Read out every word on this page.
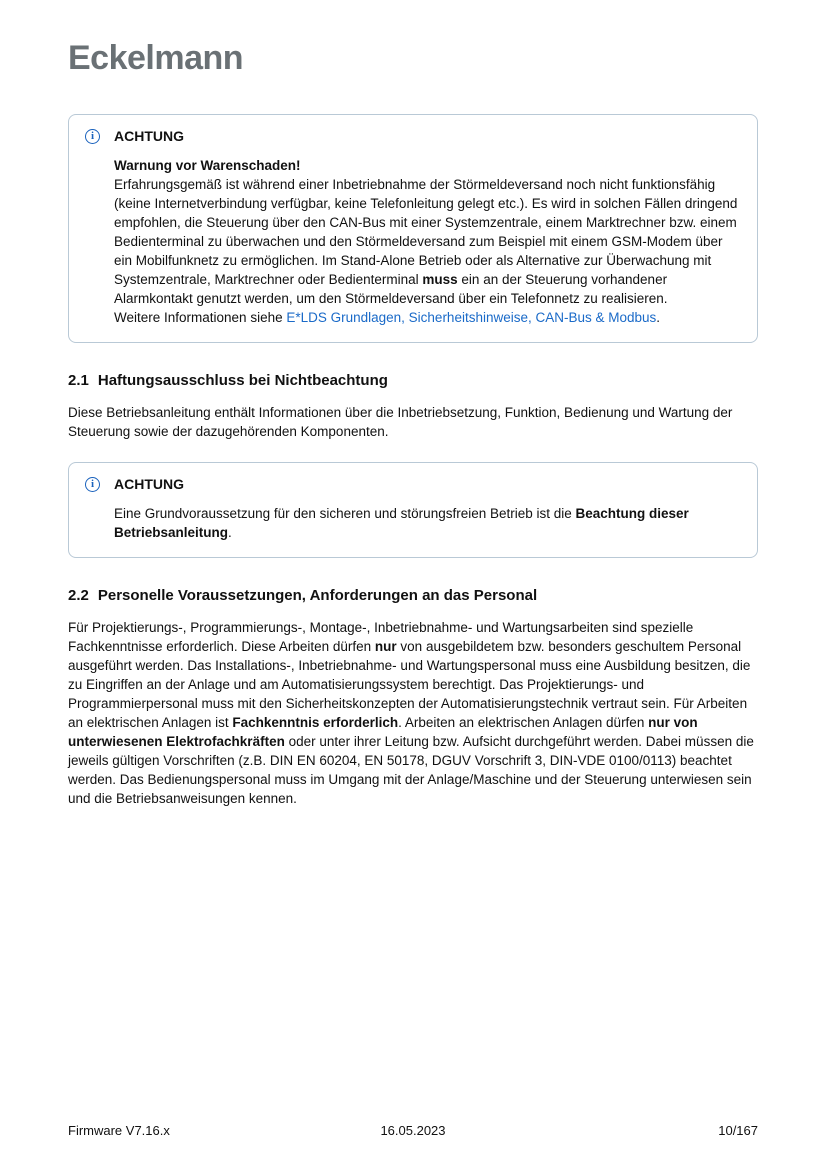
Eckelmann
i	ACHTUNG
Warnung vor Warenschaden!

Erfahrungsgemäß ist während einer Inbetriebnahme der Störmeldeversand noch nicht funktionsfähig (keine Internetverbindung verfügbar, keine Telefonleitung gelegt etc.). Es wird in solchen Fällen dringend empfohlen, die Steuerung über den CAN-Bus mit einer Systemzentrale, einem Marktrechner bzw. einem Bedienterminal zu überwachen und den Störmeldeversand zum Beispiel mit einem GSM-Modem über ein Mobilfunknetz zu ermöglichen. Im Stand-Alone Betrieb oder als Alternative zur Überwachung mit Systemzentrale, Marktrechner oder Bedienterminal muss ein an der Steuerung vorhandener Alarmkontakt genutzt werden, um den Störmeldeversand über ein Telefonnetz zu realisieren.
Weitere Informationen siehe E*LDS Grundlagen, Sicherheitshinweise, CAN-Bus & Modbus.

2.1 Haftungsausschluss bei Nichtbeachtung

Diese Betriebsanleitung enthält Informationen über die Inbetriebsetzung, Funktion, Bedienung und Wartung der Steuerung sowie der dazugehörenden Komponenten.

i	ACHTUNG

Eine Grundvoraussetzung für den sicheren und störungsfreien Betrieb ist die Beachtung dieser Betriebsanleitung.

2.2 Personelle Voraussetzungen, Anforderungen an das Personal

Für Projektierungs-, Programmierungs-, Montage-, Inbetriebnahme- und Wartungsarbeiten sind spezielle Fachkenntnisse erforderlich. Diese Arbeiten dürfen nur von ausgebildetem bzw. besonders geschultem Personal ausgeführt werden. Das Installations-, Inbetriebnahme- und Wartungspersonal muss eine Ausbildung besitzen, die zu Eingriffen an der Anlage und am Automatisierungssystem berechtigt. Das Projektierungs- und Programmierpersonal muss mit den Sicherheitskonzepten der Automatisierungstechnik vertraut sein. Für Arbeiten an elektrischen Anlagen ist Fachkenntnis erforderlich. Arbeiten an elektrischen Anlagen dürfen nur von unterwiesenen Elektrofachkräften oder unter ihrer Leitung bzw. Aufsicht durchgeführt werden. Dabei müssen die jeweils gültigen Vorschriften (z.B. DIN EN 60204, EN 50178, DGUV Vorschrift 3, DIN-VDE 0100/0113) beachtet werden. Das Bedienungspersonal muss im Umgang mit der Anlage/Maschine und der Steuerung unterwiesen sein und die Betriebsanweisungen kennen.

Firmware V7.16.x	16.05.2023	10/167
